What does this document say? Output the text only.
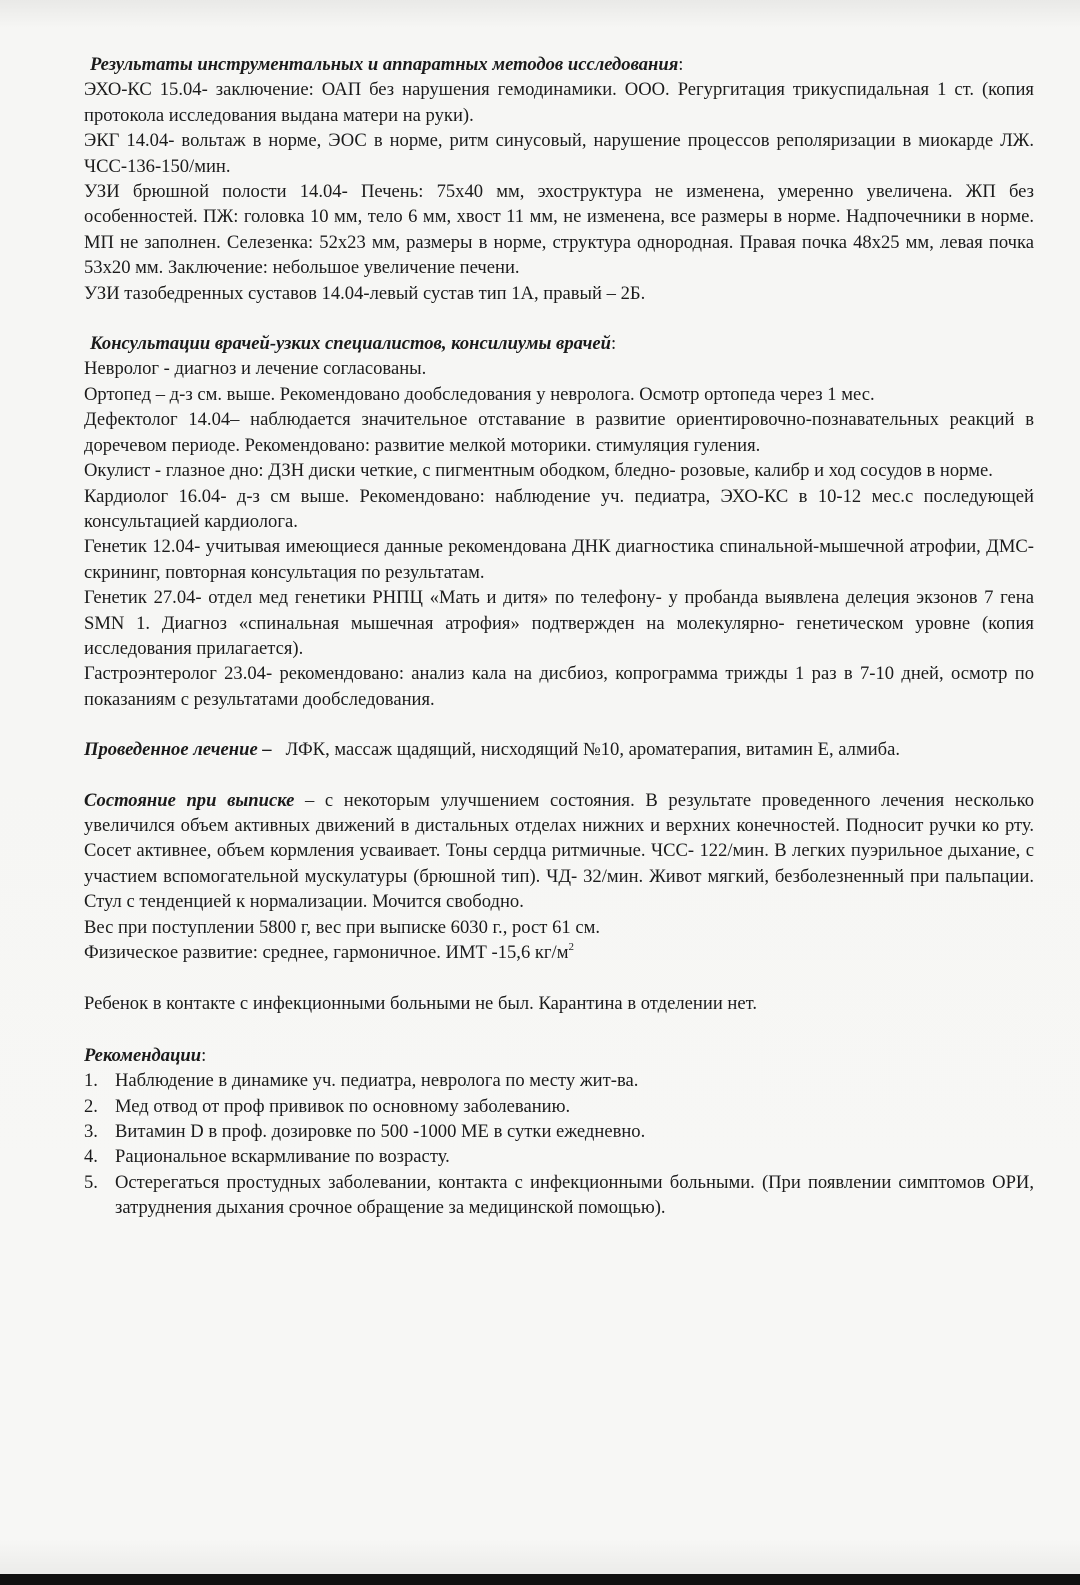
Результаты инструментальных и аппаратных методов исследования:

ЭХО-КС 15.04- заключение: ОАП без нарушения гемодинамики. ООО. Регургитация трикуспидальная 1 ст. (копия протокола исследования выдана матери на руки).

ЭКГ 14.04- вольтаж в норме, ЭОС в норме, ритм синусовый, нарушение процессов реполяризации в миокарде ЛЖ. ЧСС-136-150/мин.

УЗИ брюшной полости 14.04- Печень: 75х40 мм, эхоструктура не изменена, умеренно увеличена. ЖП без особенностей. ПЖ: головка 10 мм, тело 6 мм, хвост 11 мм, не изменена, все размеры в норме. Надпочечники в норме. МП не заполнен. Селезенка: 52х23 мм, размеры в норме, структура однородная. Правая почка 48х25 мм, левая почка 53х20 мм. Заключение: небольшое увеличение печени.

УЗИ тазобедренных суставов 14.04-левый сустав тип 1А, правый – 2Б.

Консультации врачей-узких специалистов, консилиумы врачей:

Невролог - диагноз и лечение согласованы.

Ортопед – д-з см. выше. Рекомендовано дообследования у невролога. Осмотр ортопеда через 1 мес.

Дефектолог 14.04– наблюдается значительное отставание в развитие ориентировочно-познавательных реакций в доречевом периоде. Рекомендовано: развитие мелкой моторики. стимуляция гуления.

Окулист - глазное дно: ДЗН диски четкие, с пигментным ободком, бледно- розовые, калибр и ход сосудов в норме.

Кардиолог 16.04- д-з см выше. Рекомендовано: наблюдение уч. педиатра, ЭХО-КС в 10-12 мес.с последующей консультацией кардиолога.

Генетик 12.04- учитывая имеющиеся данные рекомендована ДНК диагностика спинальной-мышечной атрофии, ДМС- скрининг, повторная консультация по результатам.

Генетик 27.04- отдел мед генетики РНПЦ «Мать и дитя» по телефону- у пробанда выявлена делеция экзонов 7 гена SMN 1. Диагноз «спинальная мышечная атрофия» подтвержден на молекулярно- генетическом уровне (копия исследования прилагается).

Гастроэнтеролог 23.04- рекомендовано: анализ кала на дисбиоз, копрограмма трижды 1 раз в 7-10 дней, осмотр по показаниям с результатами дообследования.

Проведенное лечение – ЛФК, массаж щадящий, нисходящий №10, ароматерапия, витамин Е, алмиба.

Состояние при выписке – с некоторым улучшением состояния. В результате проведенного лечения несколько увеличился объем активных движений в дистальных отделах нижних и верхних конечностей. Подносит ручки ко рту. Сосет активнее, объем кормления усваивает. Тоны сердца ритмичные. ЧСС- 122/мин. В легких пуэрильное дыхание, с участием вспомогательной мускулатуры (брюшной тип). ЧД- 32/мин. Живот мягкий, безболезненный при пальпации. Стул с тенденцией к нормализации. Мочится свободно.

Вес при поступлении 5800 г, вес при выписке 6030 г., рост 61 см.

Физическое развитие: среднее, гармоничное. ИМТ -15,6 $кг/м^2$

Ребенок в контакте с инфекционными больными не был. Карантина в отделении нет.

Рекомендации:
1. Наблюдение в динамике уч. педиатра, невролога по месту жит-ва.
2. Мед отвод от проф прививок по основному заболеванию.
3. Витамин D в проф. дозировке по 500 -1000 МЕ в сутки ежедневно.
4. Рациональное вскармливание по возрасту.
5. Остерегаться простудных заболевании, контакта с инфекционными больными. (При появлении симптомов ОРИ, затруднения дыхания срочное обращение за медицинской помощью).
